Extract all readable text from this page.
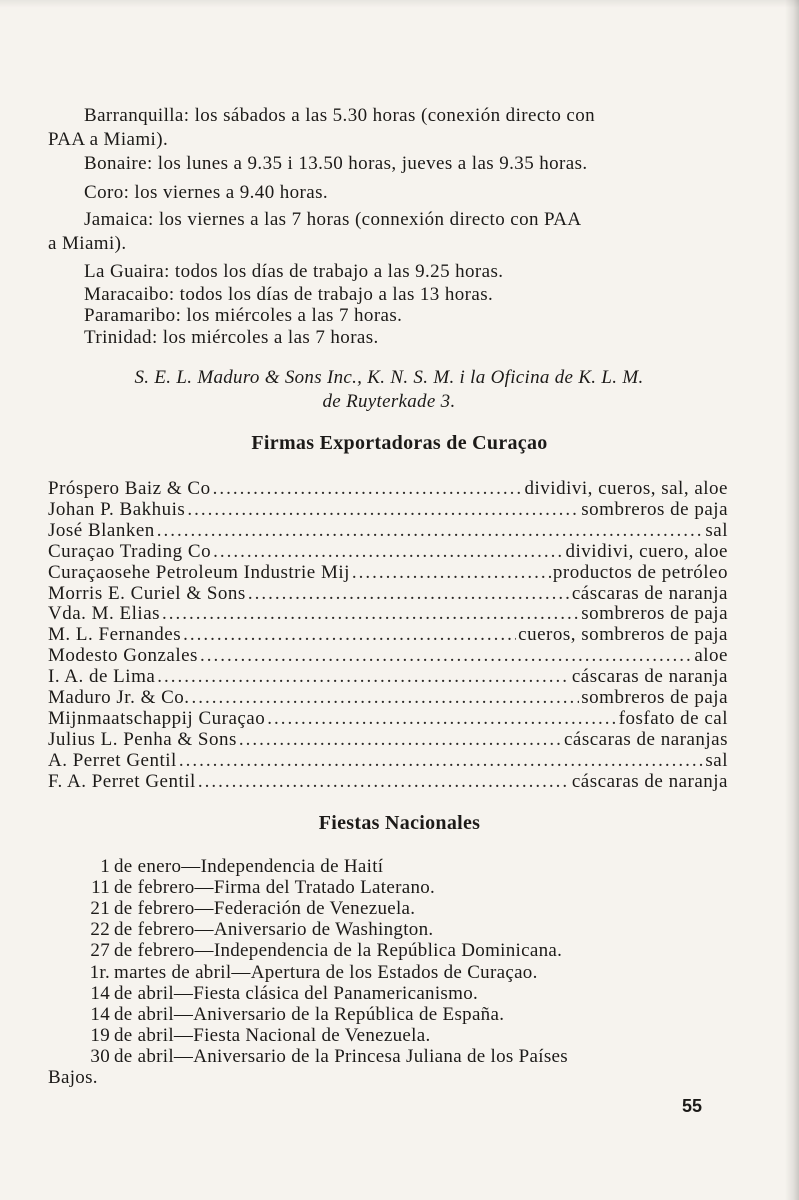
Barranquilla: los sábados a las 5.30 horas (conexión directo con
PAA a Miami).
Bonaire: los lunes a 9.35 i 13.50 horas, jueves a las 9.35 horas.
Coro: los viernes a 9.40 horas.
Jamaica: los viernes a las 7 horas (connexión directo con PAA
a Miami).
La Guaira: todos los días de trabajo a las 9.25 horas.
Maracaibo: todos los días de trabajo a las 13 horas.
Paramaribo: los miércoles a las 7 horas.
Trinidad: los miércoles a las 7 horas.
S. E. L. Maduro & Sons Inc., K. N. S. M. i la Oficina de K. L. M.
de Ruyterkade 3.
Firmas Exportadoras de Curaçao
Próspero Baiz & Co .....	dividivi, cueros, sal, aloe
Johan P. Bakhuis .....	sombreros de paja
José Blanken .....	sal
Curaçao Trading Co .....	dividivi, cuero, aloe
Curaçaosehe Petroleum Industrie Mij .....	productos de petróleo
Morris E. Curiel & Sons .....	cáscaras de naranja
Vda. M. Elias .....	sombreros de paja
M. L. Fernandes .....	cueros, sombreros de paja
Modesto Gonzales .....	aloe
I. A. de Lima .....	cáscaras de naranja
Maduro Jr. & Co. .....	sombreros de paja
Mijnmaatschappij Curaçao .....	fosfato de cal
Julius L. Penha & Sons .....	cáscaras de naranjas
A. Perret Gentil .....	sal
F. A. Perret Gentil .....	cáscaras de naranja
Fiestas Nacionales
1 de enero—Independencia de Haití
11 de febrero—Firma del Tratado Laterano.
21 de febrero—Federación de Venezuela.
22 de febrero—Aniversario de Washington.
27 de febrero—Independencia de la República Dominicana.
1r. martes de abril—Apertura de los Estados de Curaçao.
14 de abril—Fiesta clásica del Panamericanismo.
14 de abril—Aniversario de la República de España.
19 de abril—Fiesta Nacional de Venezuela.
30 de abril—Aniversario de la Princesa Juliana de los Países
Bajos.
55
